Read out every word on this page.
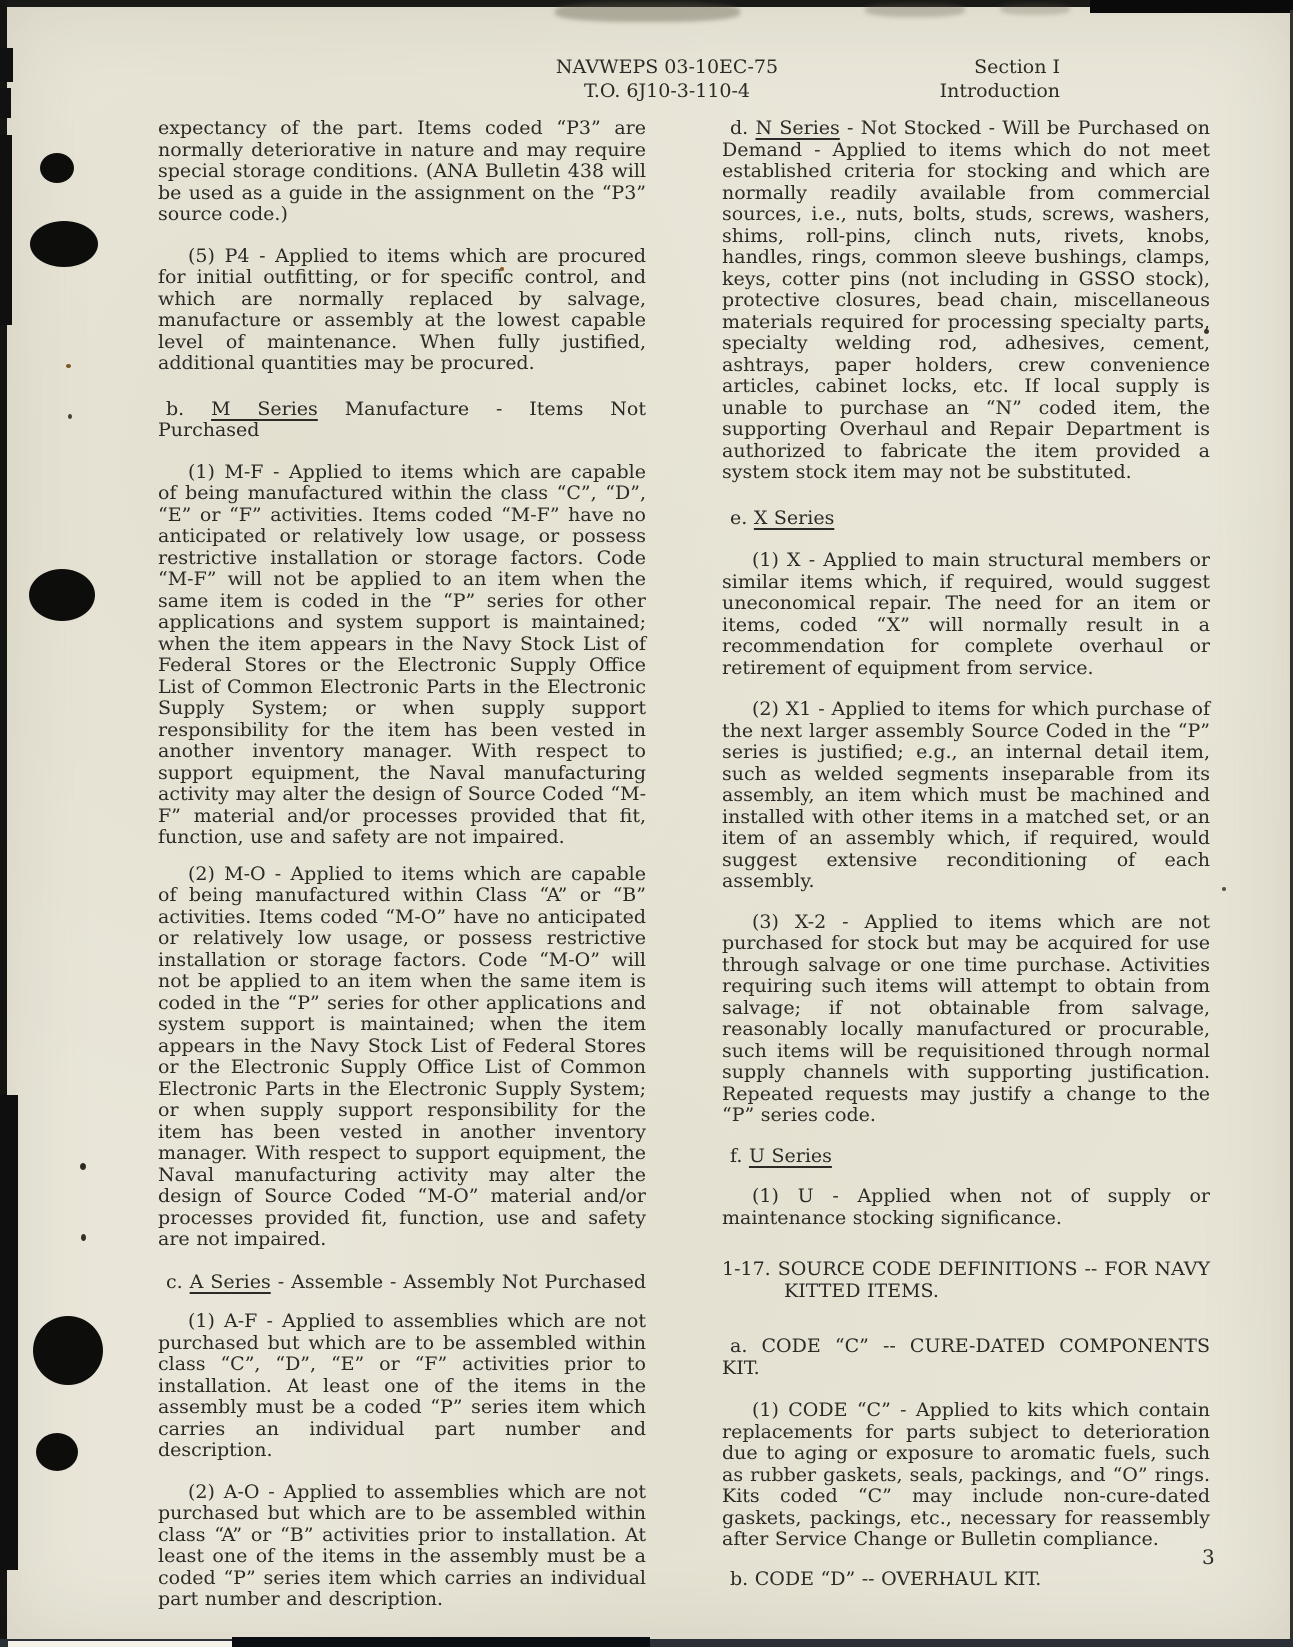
NAVWEPS 03-10EC-75
T.O. 6J10-3-110-4
Section I
Introduction

expectancy of the part. Items coded “P3” are normally deteriorative in nature and may require special storage conditions. (ANA Bulletin 438 will be used as a guide in the assignment on the “P3” source code.)

(5) P4 - Applied to items which are procured for initial outfitting, or for specific control, and which are normally replaced by salvage, manufacture or assembly at the lowest capable level of maintenance. When fully justified, additional quantities may be procured.

b. M Series Manufacture - Items Not Purchased

(1) M-F - Applied to items which are capable of being manufactured within the class “C”, “D”, “E” or “F” activities. Items coded “M-F” have no anticipated or relatively low usage, or possess restrictive installation or storage factors. Code “M-F” will not be applied to an item when the same item is coded in the “P” series for other applications and system support is maintained; when the item appears in the Navy Stock List of Federal Stores or the Electronic Supply Office List of Common Electronic Parts in the Electronic Supply System; or when supply support responsibility for the item has been vested in another inventory manager. With respect to support equipment, the Naval manufacturing activity may alter the design of Source Coded “M-F” material and/or processes provided that fit, function, use and safety are not impaired.

(2) M-O - Applied to items which are capable of being manufactured within Class “A” or “B” activities. Items coded “M-O” have no anticipated or relatively low usage, or possess restrictive installation or storage factors. Code “M-O” will not be applied to an item when the same item is coded in the “P” series for other applications and system support is maintained; when the item appears in the Navy Stock List of Federal Stores or the Electronic Supply Office List of Common Electronic Parts in the Electronic Supply System; or when supply support responsibility for the item has been vested in another inventory manager. With respect to support equipment, the Naval manufacturing activity may alter the design of Source Coded “M-O” material and/or processes provided fit, function, use and safety are not impaired.

c. A Series - Assemble - Assembly Not Purchased

(1) A-F - Applied to assemblies which are not purchased but which are to be assembled within class “C”, “D”, “E” or “F” activities prior to installation. At least one of the items in the assembly must be a coded “P” series item which carries an individual part number and description.

(2) A-O - Applied to assemblies which are not purchased but which are to be assembled within class “A” or “B” activities prior to installation. At least one of the items in the assembly must be a coded “P” series item which carries an individual part number and description.

d. N Series - Not Stocked - Will be Purchased on Demand - Applied to items which do not meet established criteria for stocking and which are normally readily available from commercial sources, i.e., nuts, bolts, studs, screws, washers, shims, roll-pins, clinch nuts, rivets, knobs, handles, rings, common sleeve bushings, clamps, keys, cotter pins (not including in GSSO stock), protective closures, bead chain, miscellaneous materials required for processing specialty parts, specialty welding rod, adhesives, cement, ashtrays, paper holders, crew convenience articles, cabinet locks, etc. If local supply is unable to purchase an “N” coded item, the supporting Overhaul and Repair Department is authorized to fabricate the item provided a system stock item may not be substituted.

e. X Series

(1) X - Applied to main structural members or similar items which, if required, would suggest uneconomical repair. The need for an item or items, coded “X” will normally result in a recommendation for complete overhaul or retirement of equipment from service.

(2) X1 - Applied to items for which purchase of the next larger assembly Source Coded in the “P” series is justified; e.g., an internal detail item, such as welded segments inseparable from its assembly, an item which must be machined and installed with other items in a matched set, or an item of an assembly which, if required, would suggest extensive reconditioning of each assembly.

(3) X-2 - Applied to items which are not purchased for stock but may be acquired for use through salvage or one time purchase. Activities requiring such items will attempt to obtain from salvage; if not obtainable from salvage, reasonably locally manufactured or procurable, such items will be requisitioned through normal supply channels with supporting justification. Repeated requests may justify a change to the “P” series code.

f. U Series

(1) U - Applied when not of supply or maintenance stocking significance.

1-17. SOURCE CODE DEFINITIONS -- FOR NAVY
KITTED ITEMS.

a. CODE “C” -- CURE-DATED COMPONENTS KIT.

(1) CODE “C” - Applied to kits which contain replacements for parts subject to deterioration due to aging or exposure to aromatic fuels, such as rubber gaskets, seals, packings, and “O” rings. Kits coded “C” may include non-cure-dated gaskets, packings, etc., necessary for reassembly after Service Change or Bulletin compliance.

b. CODE “D” -- OVERHAUL KIT.

3
